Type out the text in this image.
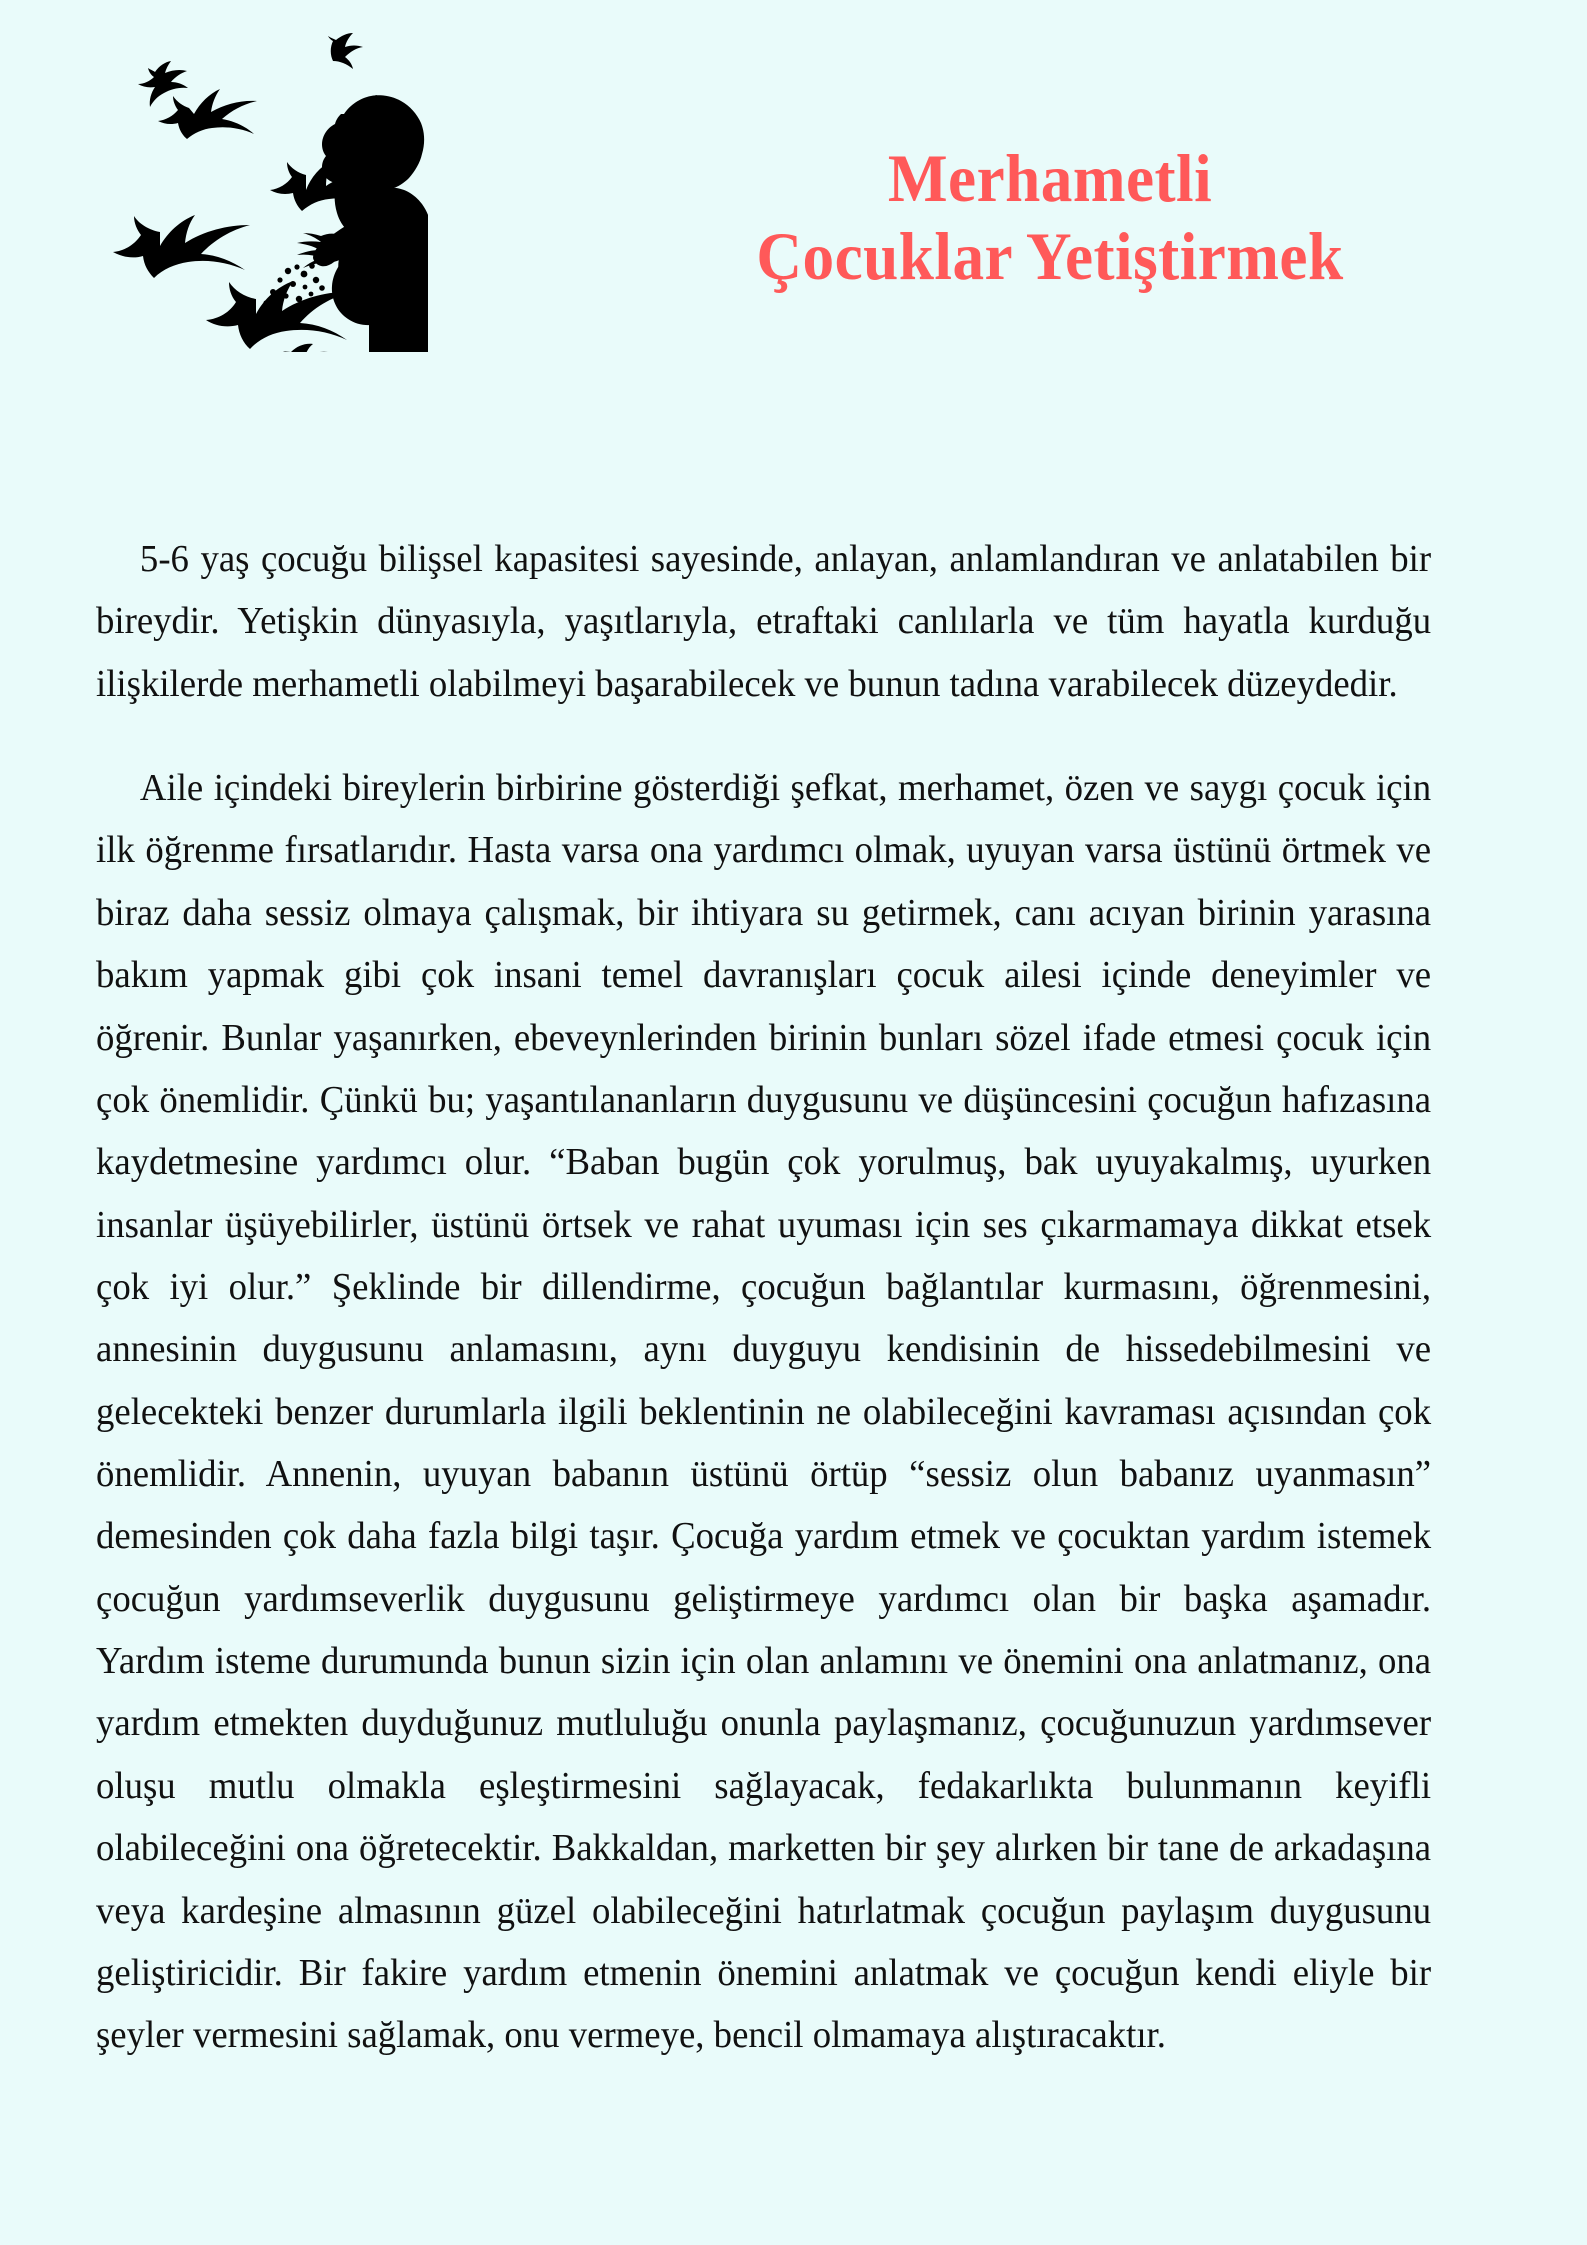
Merhametli
Çocuklar Yetiştirmek

5-6 yaş çocuğu bilişsel kapasitesi sayesinde, anlayan, anlamlandıran ve anlatabilen bir bireydir. Yetişkin dünyasıyla, yaşıtlarıyla, etraftaki canlılarla ve tüm hayatla kurduğu ilişkilerde merhametli olabilmeyi başarabilecek ve bunun tadına varabilecek düzeydedir.

Aile içindeki bireylerin birbirine gösterdiği şefkat, merhamet, özen ve saygı çocuk için ilk öğrenme fırsatlarıdır. Hasta varsa ona yardımcı olmak, uyuyan varsa üstünü örtmek ve biraz daha sessiz olmaya çalışmak, bir ihtiyara su getirmek, canı acıyan birinin yarasına bakım yapmak gibi çok insani temel davranışları çocuk ailesi içinde deneyimler ve öğrenir. Bunlar yaşanırken, ebeveynlerinden birinin bunları sözel ifade etmesi çocuk için çok önemlidir. Çünkü bu; yaşantılananların duygusunu ve düşüncesini çocuğun hafızasına kaydetmesine yardımcı olur. “Baban bugün çok yorulmuş, bak uyuyakalmış, uyurken insanlar üşüyebilirler, üstünü örtsek ve rahat uyuması için ses çıkarmamaya dikkat etsek çok iyi olur.” Şeklinde bir dillendirme, çocuğun bağlantılar kurmasını, öğrenmesini, annesinin duygusunu anlamasını, aynı duyguyu kendisinin de hissedebilmesini ve gelecekteki benzer durumlarla ilgili beklentinin ne olabileceğini kavraması açısından çok önemlidir. Annenin, uyuyan babanın üstünü örtüp “sessiz olun babanız uyanmasın” demesinden çok daha fazla bilgi taşır. Çocuğa yardım etmek ve çocuktan yardım istemek çocuğun yardımseverlik duygusunu geliştirmeye yardımcı olan bir başka aşamadır. Yardım isteme durumunda bunun sizin için olan anlamını ve önemini ona anlatmanız, ona yardım etmekten duyduğunuz mutluluğu onunla paylaşmanız, çocuğunuzun yardımsever oluşu mutlu olmakla eşleştirmesini sağlayacak, fedakarlıkta bulunmanın keyifli olabileceğini ona öğretecektir. Bakkaldan, marketten bir şey alırken bir tane de arkadaşına veya kardeşine almasının güzel olabileceğini hatırlatmak çocuğun paylaşım duygusunu geliştiricidir. Bir fakire yardım etmenin önemini anlatmak ve çocuğun kendi eliyle bir şeyler vermesini sağlamak, onu vermeye, bencil olmamaya alıştıracaktır.
